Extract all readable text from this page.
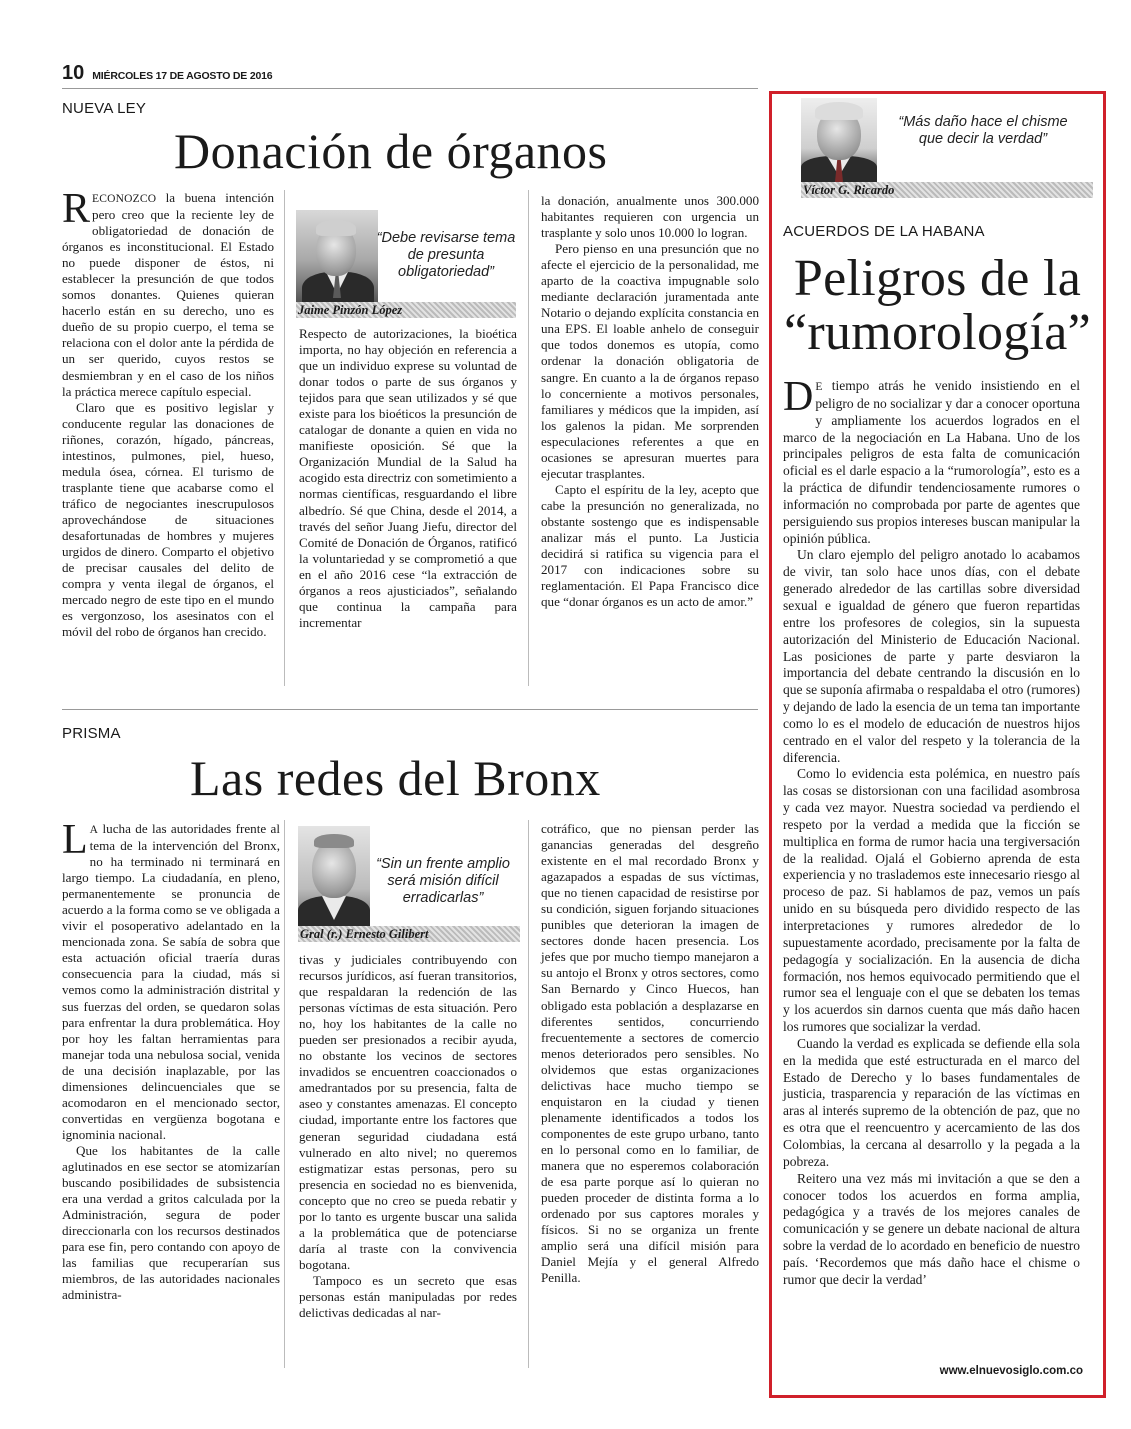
10 MIÉRCOLES 17 DE AGOSTO DE 2016
NUEVA LEY
Donación de órganos

RECONOZCO la buena intención pero creo que la reciente ley de obligatoriedad de donación de órganos es inconstitucional. El Estado no puede disponer de éstos, ni establecer la presunción de que todos somos donantes. Quienes quieran hacerlo están en su derecho, uno es dueño de su propio cuerpo, el tema se relaciona con el dolor ante la pérdida de un ser querido, cuyos restos se desmiembran y en el caso de los niños la práctica merece capítulo especial.

Claro que es positivo legislar y conducente regular las donaciones de riñones, corazón, hígado, páncreas, intestinos, pulmones, piel, hueso, medula ósea, córnea. El turismo de trasplante tiene que acabarse como el tráfico de negociantes inescrupulosos aprovechándose de situaciones desafortunadas de hombres y mujeres urgidos de dinero. Comparto el objetivo de precisar causales del delito de compra y venta ilegal de órganos, el mercado negro de este tipo en el mundo es vergonzoso, los asesinatos con el móvil del robo de órganos han crecido.

“Debe revisarse tema de presunta obligatoriedad”
Jaime Pinzón López

Respecto de autorizaciones, la bioética importa, no hay objeción en referencia a que un individuo exprese su voluntad de donar todos o parte de sus órganos y tejidos para que sean utilizados y sé que existe para los bioéticos la presunción de catalogar de donante a quien en vida no manifieste oposición. Sé que la Organización Mundial de la Salud ha acogido esta directriz con sometimiento a normas científicas, resguardando el libre albedrío. Sé que China, desde el 2014, a través del señor Juang Jiefu, director del Comité de Donación de Órganos, ratificó la voluntariedad y se comprometió a que en el año 2016 cese “la extracción de órganos a reos ajusticiados”, señalando que continua la campaña para incrementar

la donación, anualmente unos 300.000 habitantes requieren con urgencia un trasplante y solo unos 10.000 lo logran.

Pero pienso en una presunción que no afecte el ejercicio de la personalidad, me aparto de la coactiva impugnable solo mediante declaración juramentada ante Notario o dejando explícita constancia en una EPS. El loable anhelo de conseguir que todos donemos es utopía, como ordenar la donación obligatoria de sangre. En cuanto a la de órganos repaso lo concerniente a motivos personales, familiares y médicos que la impiden, así los galenos la pidan. Me sorprenden especulaciones referentes a que en ocasiones se apresuran muertes para ejecutar trasplantes.

Capto el espíritu de la ley, acepto que cabe la presunción no generalizada, no obstante sostengo que es indispensable analizar más el punto. La Justicia decidirá si ratifica su vigencia para el 2017 con indicaciones sobre su reglamentación. El Papa Francisco dice que “donar órganos es un acto de amor.”

PRISMA
Las redes del Bronx

L A lucha de las autoridades frente al tema de la intervención del Bronx, no ha terminado ni terminará en largo tiempo. La ciudadanía, en pleno, permanentemente se pronuncia de acuerdo a la forma como se ve obligada a vivir el posoperativo adelantado en la mencionada zona. Se sabía de sobra que esta actuación oficial traería duras consecuencia para la ciudad, más si vemos como la administración distrital y sus fuerzas del orden, se quedaron solas para enfrentar la dura problemática. Hoy por hoy les faltan herramientas para manejar toda una nebulosa social, venida de una decisión inaplazable, por las dimensiones delincuenciales que se acomodaron en el mencionado sector, convertidas en vergüenza bogotana e ignominia nacional.

Que los habitantes de la calle aglutinados en ese sector se atomizarían buscando posibilidades de subsistencia era una verdad a gritos calculada por la Administración, segura de poder direccionarla con los recursos destinados para ese fin, pero contando con apoyo de las familias que recuperarían sus miembros, de las autoridades nacionales administra-

“Sin un frente amplio será misión difícil erradicarlas”
Gral (r.) Ernesto Gilibert

tivas y judiciales contribuyendo con recursos jurídicos, así fueran transitorios, que respaldaran la redención de las personas víctimas de esta situación. Pero no, hoy los habitantes de la calle no pueden ser presionados a recibir ayuda, no obstante los vecinos de sectores invadidos se encuentren coaccionados o amedrantados por su presencia, falta de aseo y constantes amenazas. El concepto ciudad, importante entre los factores que generan seguridad ciudadana está vulnerado en alto nivel; no queremos estigmatizar estas personas, pero su presencia en sociedad no es bienvenida, concepto que no creo se pueda rebatir y por lo tanto es urgente buscar una salida a la problemática que de potenciarse daría al traste con la convivencia bogotana.

Tampoco es un secreto que esas personas están manipuladas por redes delictivas dedicadas al nar-

cotráfico, que no piensan perder las ganancias generadas del desgreño existente en el mal recordado Bronx y agazapados a espadas de sus víctimas, que no tienen capacidad de resistirse por su condición, siguen forjando situaciones punibles que deterioran la imagen de sectores donde hacen presencia. Los jefes que por mucho tiempo manejaron a su antojo el Bronx y otros sectores, como San Bernardo y Cinco Huecos, han obligado esta población a desplazarse en diferentes sentidos, concurriendo frecuentemente a sectores de comercio menos deteriorados pero sensibles. No olvidemos que estas organizaciones delictivas hace mucho tiempo se enquistaron en la ciudad y tienen plenamente identificados a todos los componentes de este grupo urbano, tanto en lo personal como en lo familiar, de manera que no esperemos colaboración de esa parte porque así lo quieran no pueden proceder de distinta forma a lo ordenado por sus captores morales y físicos. Si no se organiza un frente amplio será una difícil misión para Daniel Mejía y el general Alfredo Penilla.

“Más daño hace el chisme que decir la verdad”
Víctor G. Ricardo
ACUERDOS DE LA HABANA
Peligros de la
“rumorología”

D E tiempo atrás he venido insistiendo en el peligro de no socializar y dar a conocer oportuna y ampliamente los acuerdos logrados en el marco de la negociación en La Habana. Uno de los principales peligros de esta falta de comunicación oficial es el darle espacio a la “rumorología”, esto es a la práctica de difundir tendenciosamente rumores o información no comprobada por parte de agentes que persiguiendo sus propios intereses buscan manipular la opinión pública.

Un claro ejemplo del peligro anotado lo acabamos de vivir, tan solo hace unos días, con el debate generado alrededor de las cartillas sobre diversidad sexual e igualdad de género que fueron repartidas entre los profesores de colegios, sin la supuesta autorización del Ministerio de Educación Nacional. Las posiciones de parte y parte desviaron la importancia del debate centrando la discusión en lo que se suponía afirmaba o respaldaba el otro (rumores) y dejando de lado la esencia de un tema tan importante como lo es el modelo de educación de nuestros hijos centrado en el valor del respeto y la tolerancia de la diferencia.

Como lo evidencia esta polémica, en nuestro país las cosas se distorsionan con una facilidad asombrosa y cada vez mayor. Nuestra sociedad va perdiendo el respeto por la verdad a medida que la ficción se multiplica en forma de rumor hacia una tergiversación de la realidad. Ojalá el Gobierno aprenda de esta experiencia y no traslademos este innecesario riesgo al proceso de paz. Si hablamos de paz, vemos un país unido en su búsqueda pero dividido respecto de las interpretaciones y rumores alrededor de lo supuestamente acordado, precisamente por la falta de pedagogía y socialización. En la ausencia de dicha formación, nos hemos equivocado permitiendo que el rumor sea el lenguaje con el que se debaten los temas y los acuerdos sin darnos cuenta que más daño hacen los rumores que socializar la verdad.

Cuando la verdad es explicada se defiende ella sola en la medida que esté estructurada en el marco del Estado de Derecho y lo bases fundamentales de justicia, trasparencia y reparación de las víctimas en aras al interés supremo de la obtención de paz, que no es otra que el reencuentro y acercamiento de las dos Colombias, la cercana al desarrollo y la pegada a la pobreza.

Reitero una vez más mi invitación a que se den a conocer todos los acuerdos en forma amplia, pedagógica y a través de los mejores canales de comunicación y se genere un debate nacional de altura sobre la verdad de lo acordado en beneficio de nuestro país. ‘Recordemos que más daño hace el chisme o rumor que decir la verdad’

www.elnuevosiglo.com.co
